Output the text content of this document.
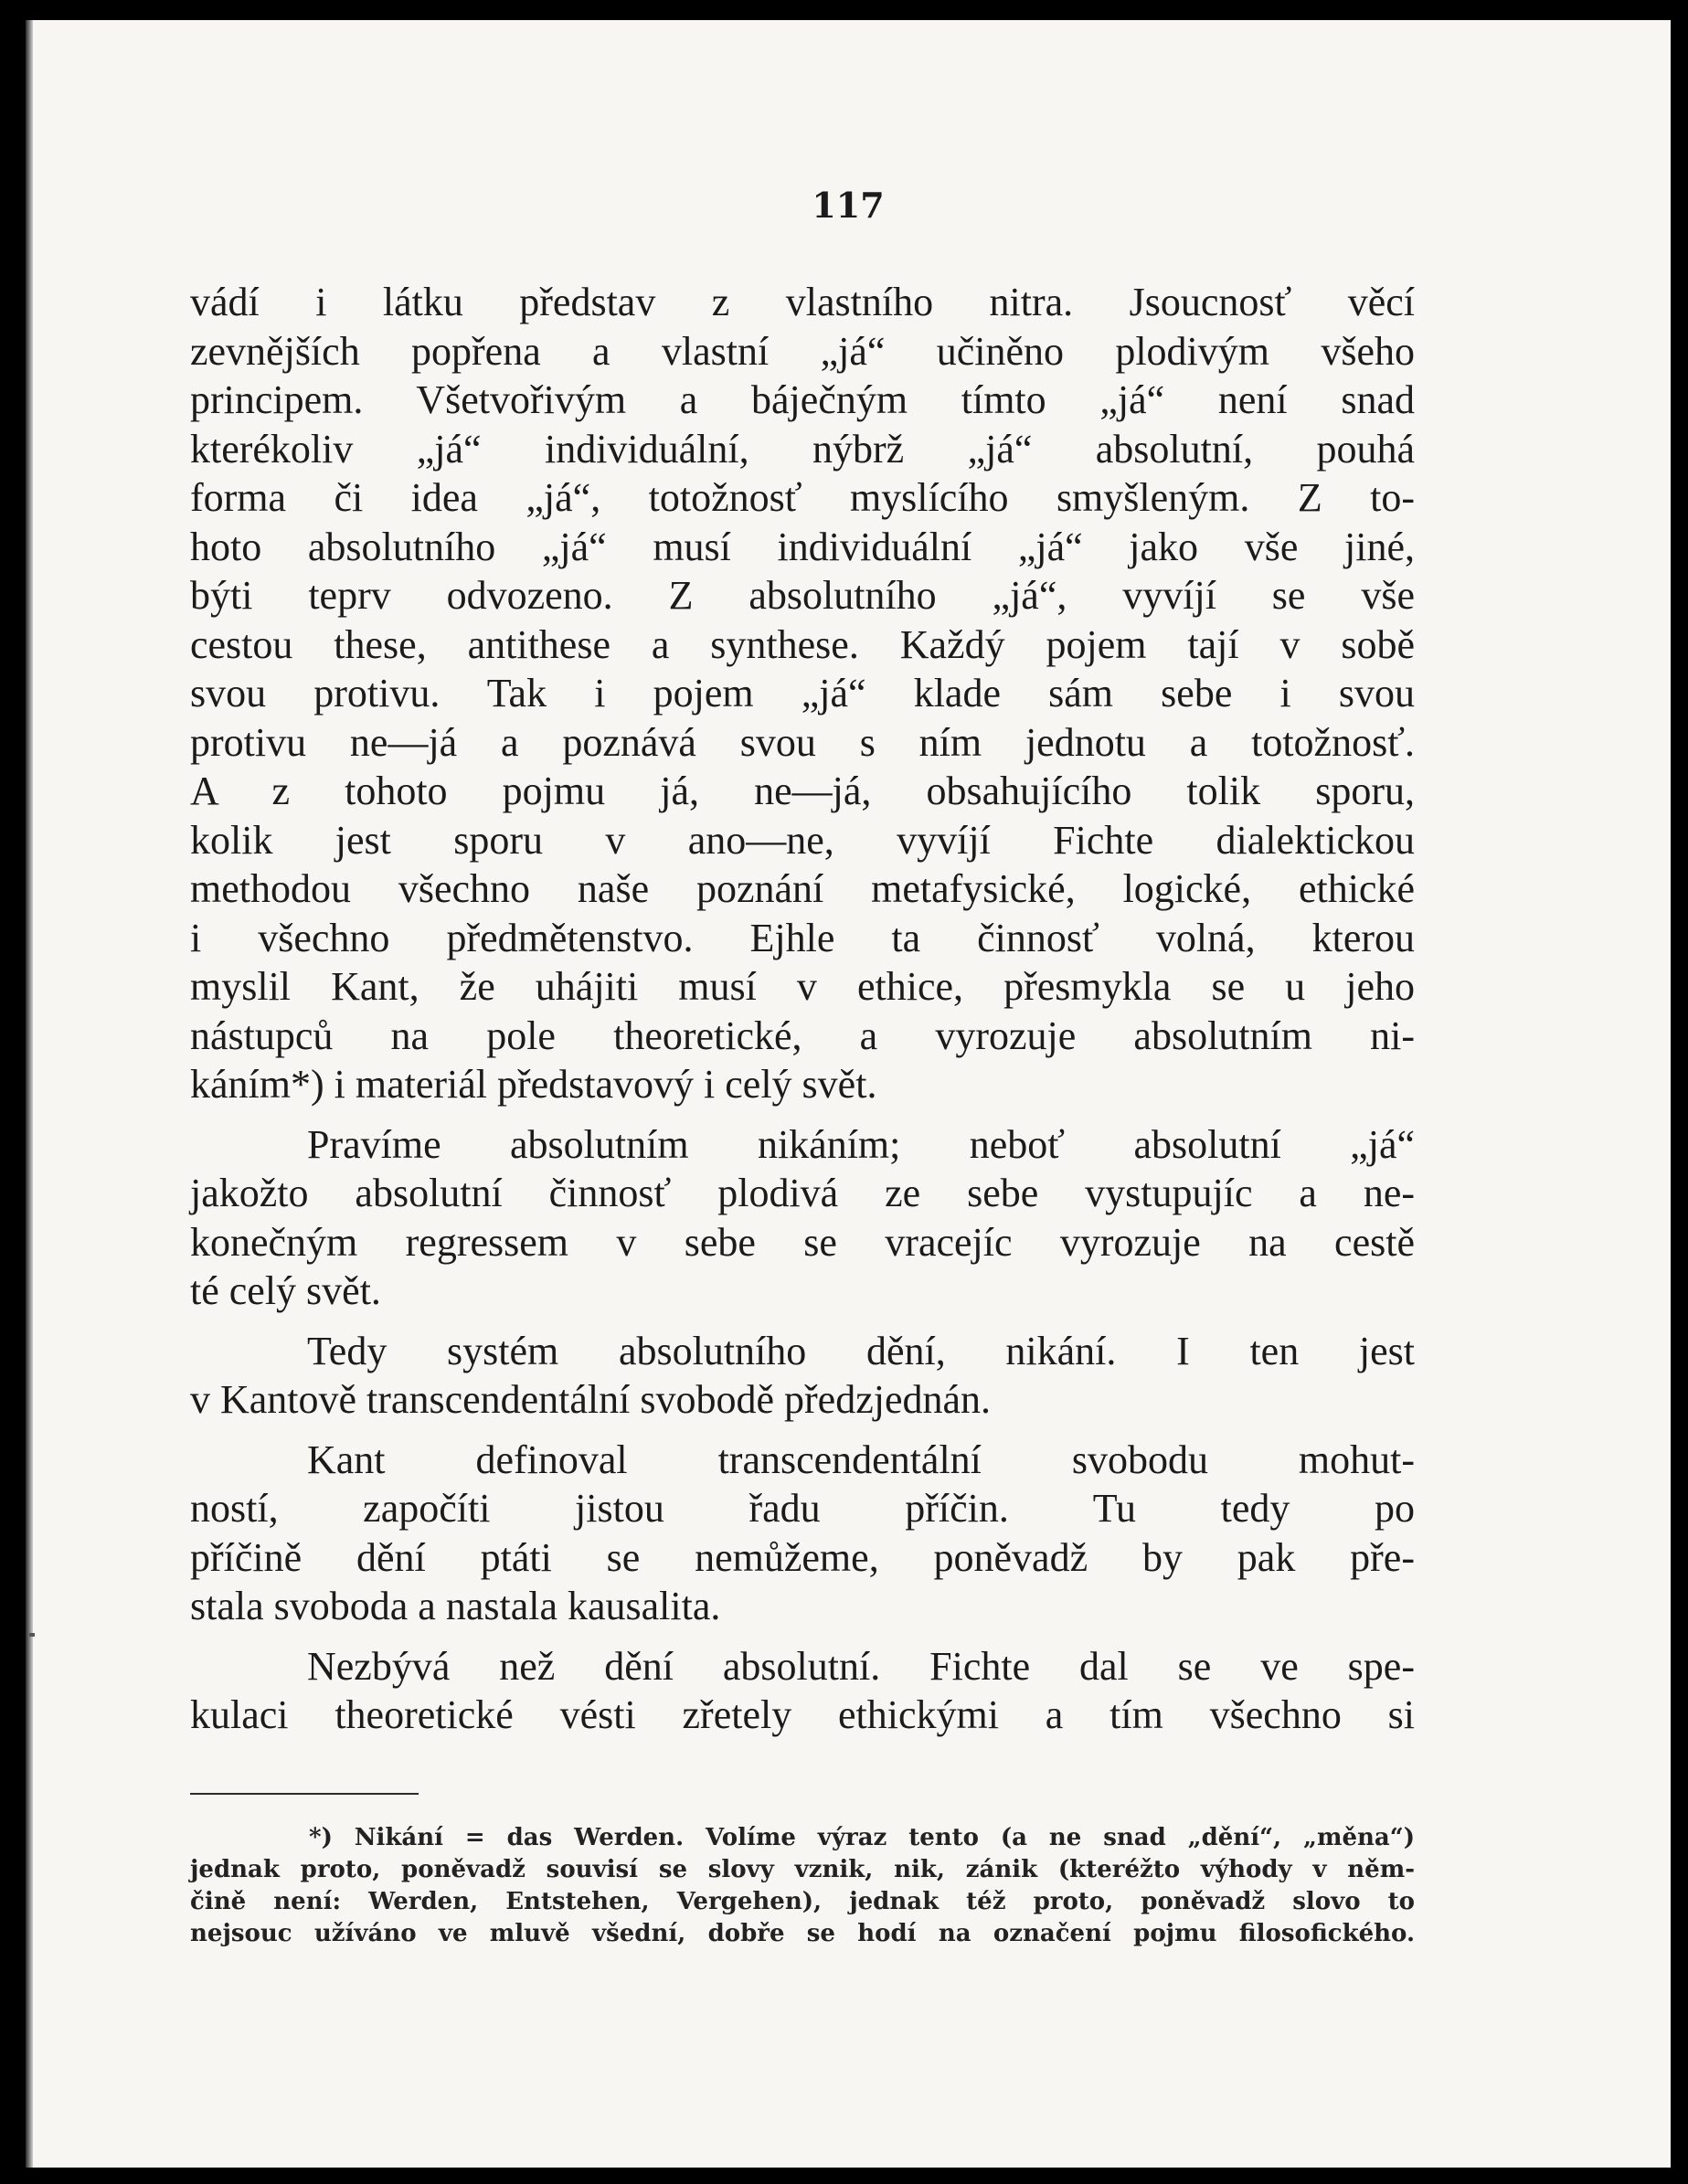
117
vádí i látku představ z vlastního nitra. Jsoucnosť věcí
zevnějších popřena a vlastní „já“ učiněno plodivým všeho
principem. Všetvořivým a báječným tímto „já“ není snad
kterékoliv „já“ individuální, nýbrž „já“ absolutní, pouhá
forma či idea „já“, totožnosť myslícího smyšleným. Z to-
hoto absolutního „já“ musí individuální „já“ jako vše jiné,
býti teprv odvozeno. Z absolutního „já“, vyvíjí se vše
cestou these, antithese a synthese. Každý pojem tají v sobě
svou protivu. Tak i pojem „já“ klade sám sebe i svou
protivu ne—já a poznává svou s ním jednotu a totožnosť.
A z tohoto pojmu já, ne—já, obsahujícího tolik sporu,
kolik jest sporu v ano—ne, vyvíjí Fichte dialektickou
methodou všechno naše poznání metafysické, logické, ethické
i všechno předmětenstvo. Ejhle ta činnosť volná, kterou
myslil Kant, že uhájiti musí v ethice, přesmykla se u jeho
nástupců na pole theoretické, a vyrozuje absolutním ni-
káním*) i materiál představový i celý svět.
Pravíme absolutním nikáním; neboť absolutní „já“
jakožto absolutní činnosť plodivá ze sebe vystupujíc a ne-
konečným regressem v sebe se vracejíc vyrozuje na cestě
té celý svět.
Tedy systém absolutního dění, nikání. I ten jest
v Kantově transcendentální svobodě předzjednán.
Kant definoval transcendentální svobodu mohut-
ností, započíti jistou řadu příčin. Tu tedy po
příčině dění ptáti se nemůžeme, poněvadž by pak pře-
stala svoboda a nastala kausalita.
Nezbývá než dění absolutní. Fichte dal se ve spe-
kulaci theoretické vésti zřetely ethickými a tím všechno si
*) Nikání = das Werden. Volíme výraz tento (a ne snad „dění“, „měna“)
jednak proto, poněvadž souvisí se slovy vznik, nik, zánik (kteréžto výhody v něm-
čině není: Werden, Entstehen, Vergehen), jednak též proto, poněvadž slovo to
nejsouc užíváno ve mluvě všední, dobře se hodí na označení pojmu filosofického.
